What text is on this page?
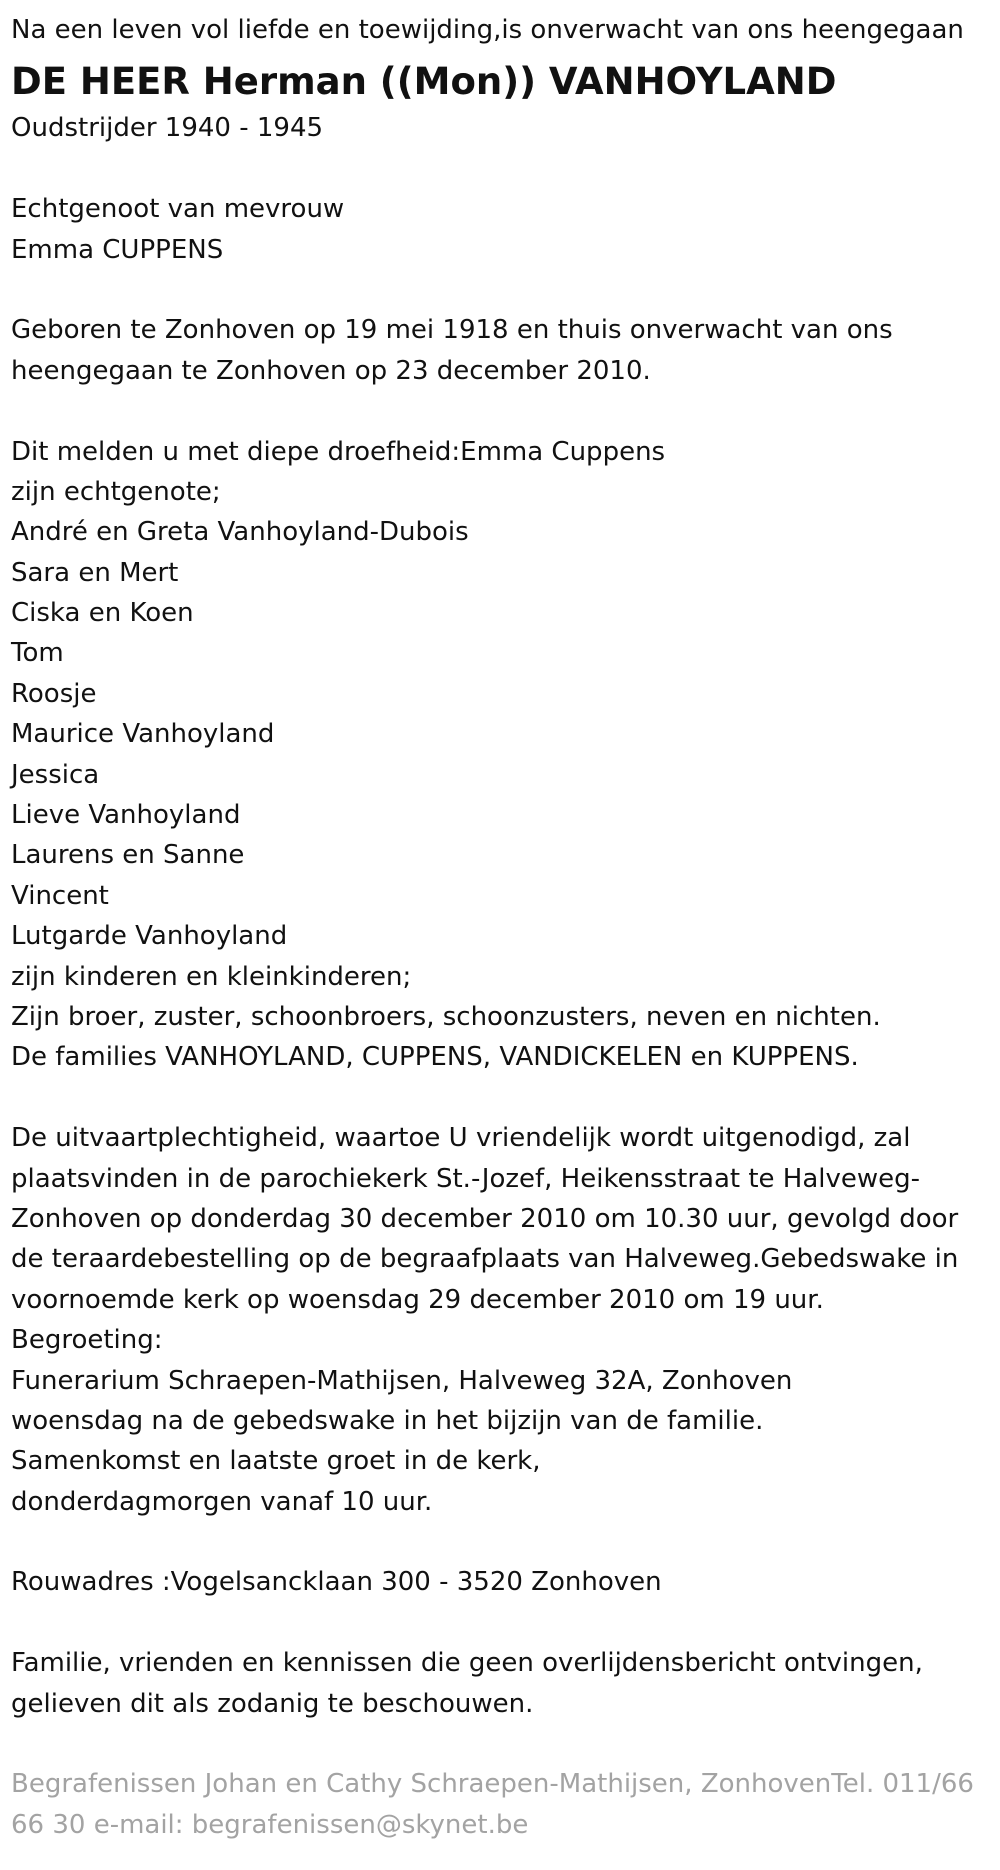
Na een leven vol liefde en toewijding,is onverwacht van ons heengegaan
DE HEER Herman ((Mon)) VANHOYLAND
Oudstrijder 1940 - 1945
Echtgenoot van mevrouw
Emma CUPPENS
Geboren te Zonhoven op 19 mei 1918 en thuis onverwacht van ons
heengegaan te Zonhoven op 23 december 2010.
Dit melden u met diepe droefheid:Emma Cuppens
zijn echtgenote;
André en Greta Vanhoyland-Dubois
Sara en Mert
Ciska en Koen
Tom
Roosje
Maurice Vanhoyland
Jessica
Lieve Vanhoyland
Laurens en Sanne
Vincent
Lutgarde Vanhoyland
zijn kinderen en kleinkinderen;
Zijn broer, zuster, schoonbroers, schoonzusters, neven en nichten.
De families VANHOYLAND, CUPPENS, VANDICKELEN en KUPPENS.
De uitvaartplechtigheid, waartoe U vriendelijk wordt uitgenodigd, zal
plaatsvinden in de parochiekerk St.-Jozef, Heikensstraat te Halveweg-
Zonhoven op donderdag 30 december 2010 om 10.30 uur, gevolgd door
de teraardebestelling op de begraafplaats van Halveweg.Gebedswake in
voornoemde kerk op woensdag 29 december 2010 om 19 uur.
Begroeting:
Funerarium Schraepen-Mathijsen, Halveweg 32A, Zonhoven
woensdag na de gebedswake in het bijzijn van de familie.
Samenkomst en laatste groet in de kerk,
donderdagmorgen vanaf 10 uur.
Rouwadres :Vogelsancklaan 300 - 3520 Zonhoven
Familie, vrienden en kennissen die geen overlijdensbericht ontvingen,
gelieven dit als zodanig te beschouwen.
Begrafenissen Johan en Cathy Schraepen-Mathijsen, ZonhovenTel. 011/66
66 30 e-mail: begrafenissen@skynet.be
